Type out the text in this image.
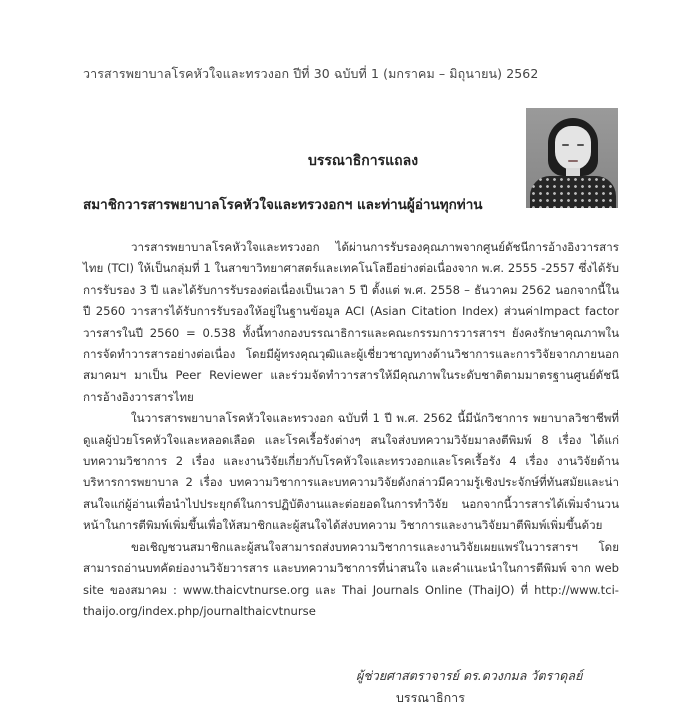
วารสารพยาบาลโรคหัวใจและทรวงอก ปีที่ 30 ฉบับที่ 1 (มกราคม – มิถุนายน) 2562
บรรณาธิการแถลง
สมาชิกวารสารพยาบาลโรคหัวใจและทรวงอกฯ และท่านผู้อ่านทุกท่าน

วารสารพยาบาลโรคหัวใจและทรวงอก ได้ผ่านการรับรองคุณภาพจากศูนย์ดัชนีการอ้างอิงวารสารไทย (TCI) ให้เป็นกลุ่มที่ 1 ในสาขาวิทยาศาสตร์และเทคโนโลยีอย่างต่อเนื่องจาก พ.ศ. 2555 -2557 ซึ่งได้รับการรับรอง 3 ปี และได้รับการรับรองต่อเนื่องเป็นเวลา 5 ปี ตั้งแต่ พ.ศ. 2558 – ธันวาคม 2562 นอกจากนี้ในปี 2560 วารสารได้รับการรับรองให้อยู่ในฐานข้อมูล ACI (Asian Citation Index) ส่วนค่าImpact factor วารสารในปี 2560 = 0.538 ทั้งนี้ทางกองบรรณาธิการและคณะกรรมการวารสารฯ ยังคงรักษาคุณภาพในการจัดทำวารสารอย่างต่อเนื่อง โดยมีผู้ทรงคุณวุฒิและผู้เชี่ยวชาญทางด้านวิชาการและการวิจัยจากภายนอกสมาคมฯ มาเป็น Peer Reviewer และร่วมจัดทำวารสารให้มีคุณภาพในระดับชาติตามมาตรฐานศูนย์ดัชนีการอ้างอิงวารสารไทย

ในวารสารพยาบาลโรคหัวใจและทรวงอก ฉบับที่ 1 ปี พ.ศ. 2562 นี้มีนักวิชาการ พยาบาลวิชาชีพที่ดูแลผู้ป่วยโรคหัวใจและหลอดเลือด และโรคเรื้อรังต่างๆ สนใจส่งบทความวิจัยมาลงตีพิมพ์ 8 เรื่อง ได้แก่ บทความวิชาการ 2 เรื่อง และงานวิจัยเกี่ยวกับโรคหัวใจและทรวงอกและโรคเรื้อรัง 4 เรื่อง งานวิจัยด้านบริหารการพยาบาล 2 เรื่อง บทความวิชาการและบทความวิจัยดังกล่าวมีความรู้เชิงประจักษ์ที่ทันสมัยและน่าสนใจแก่ผู้อ่านเพื่อนำไปประยุกต์ในการปฏิบัติงานและต่อยอดในการทำวิจัย นอกจากนี้วารสารได้เพิ่มจำนวนหน้าในการตีพิมพ์เพิ่มขึ้นเพื่อให้สมาชิกและผู้สนใจได้ส่งบทความ วิชาการและงานวิจัยมาตีพิมพ์เพิ่มขึ้นด้วย

ขอเชิญชวนสมาชิกและผู้สนใจสามารถส่งบทความวิชาการและงานวิจัยเผยแพร่ในวารสารฯ โดยสามารถอ่านบทคัดย่องานวิจัยวารสาร และบทความวิชาการที่น่าสนใจ และคำแนะนำในการตีพิมพ์ จาก web site ของสมาคม : www.thaicvtnurse.org และ Thai Journals Online (ThaiJO) ที่ http://www.tci-thaijo.org/index.php/journalthaicvtnurse

ผู้ช่วยศาสตราจารย์ ดร.ดวงกมล วัตราดุลย์
บรรณาธิการ
